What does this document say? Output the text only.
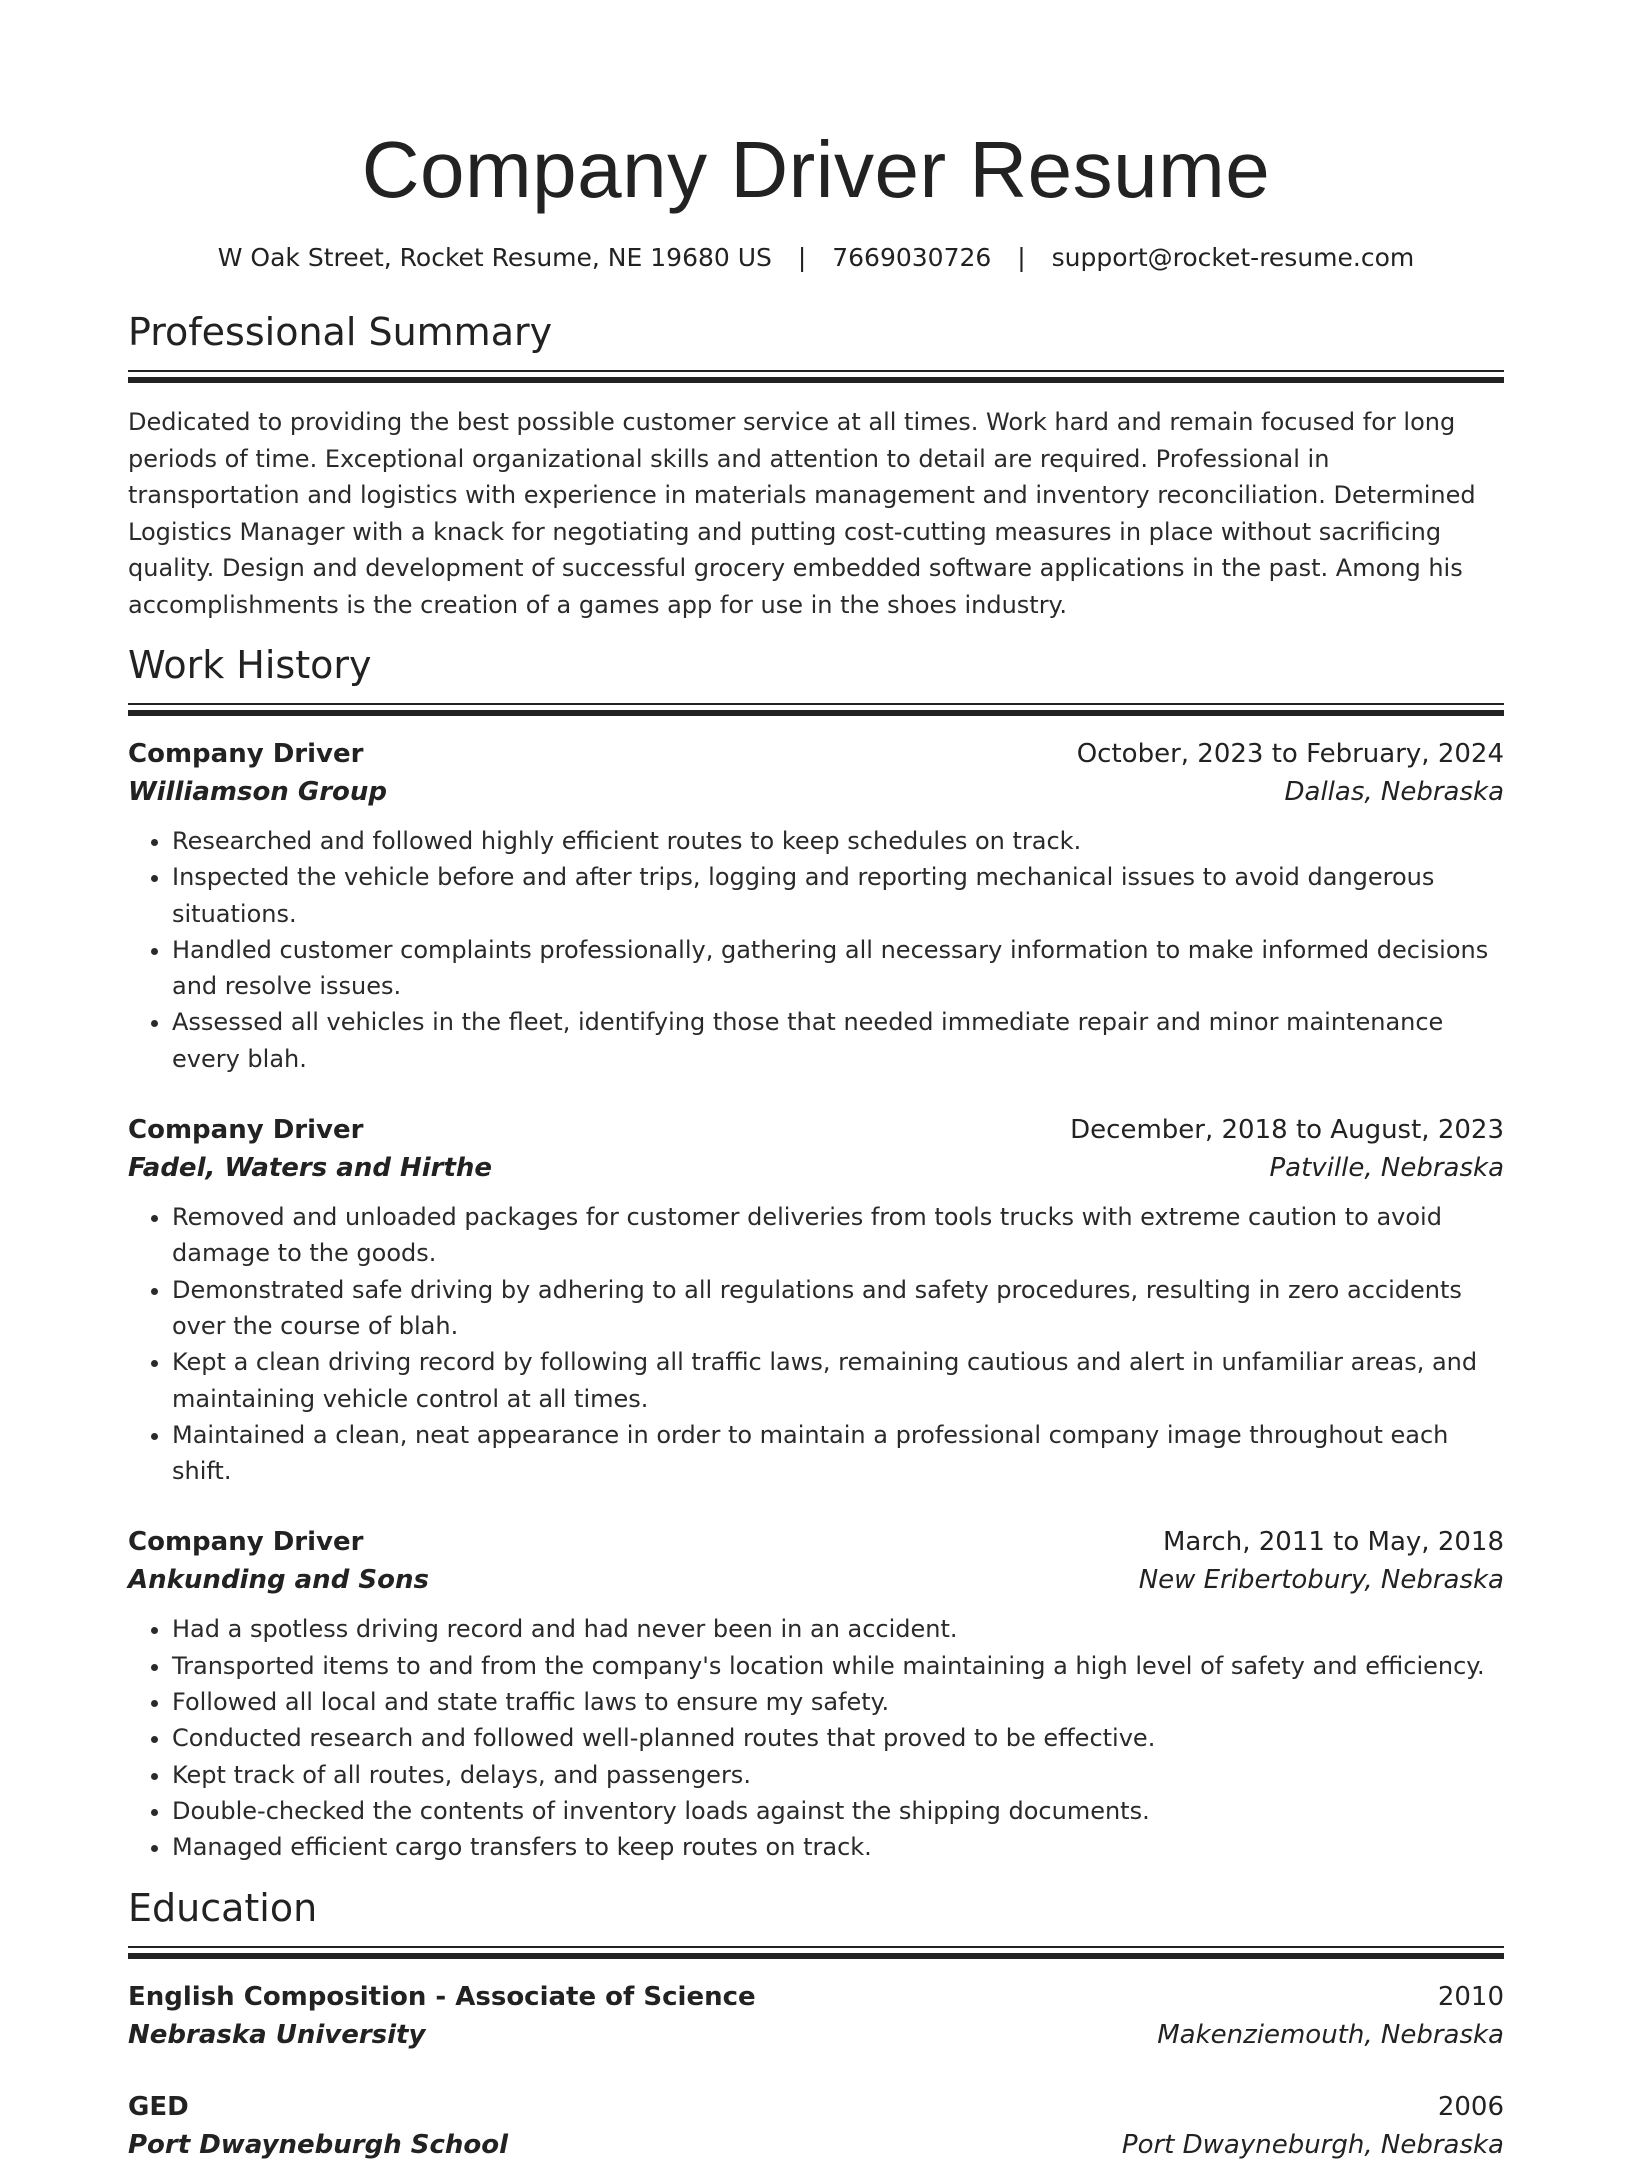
Company Driver Resume
W Oak Street, Rocket Resume, NE 19680 US | 7669030726 | support@rocket-resume.com
Professional Summary
Dedicated to providing the best possible customer service at all times. Work hard and remain focused for long periods of time. Exceptional organizational skills and attention to detail are required. Professional in transportation and logistics with experience in materials management and inventory reconciliation. Determined Logistics Manager with a knack for negotiating and putting cost-cutting measures in place without sacrificing quality. Design and development of successful grocery embedded software applications in the past. Among his accomplishments is the creation of a games app for use in the shoes industry.
Work History
Company Driver	October, 2023 to February, 2024
Williamson Group	Dallas, Nebraska
• Researched and followed highly efficient routes to keep schedules on track.
• Inspected the vehicle before and after trips, logging and reporting mechanical issues to avoid dangerous situations.
• Handled customer complaints professionally, gathering all necessary information to make informed decisions and resolve issues.
• Assessed all vehicles in the fleet, identifying those that needed immediate repair and minor maintenance every blah.
Company Driver	December, 2018 to August, 2023
Fadel, Waters and Hirthe	Patville, Nebraska
• Removed and unloaded packages for customer deliveries from tools trucks with extreme caution to avoid damage to the goods.
• Demonstrated safe driving by adhering to all regulations and safety procedures, resulting in zero accidents over the course of blah.
• Kept a clean driving record by following all traffic laws, remaining cautious and alert in unfamiliar areas, and maintaining vehicle control at all times.
• Maintained a clean, neat appearance in order to maintain a professional company image throughout each shift.
Company Driver	March, 2011 to May, 2018
Ankunding and Sons	New Eribertobury, Nebraska
• Had a spotless driving record and had never been in an accident.
• Transported items to and from the company's location while maintaining a high level of safety and efficiency.
• Followed all local and state traffic laws to ensure my safety.
• Conducted research and followed well-planned routes that proved to be effective.
• Kept track of all routes, delays, and passengers.
• Double-checked the contents of inventory loads against the shipping documents.
• Managed efficient cargo transfers to keep routes on track.
Education
English Composition - Associate of Science	2010
Nebraska University	Makenziemouth, Nebraska
GED	2006
Port Dwayneburgh School	Port Dwayneburgh, Nebraska
